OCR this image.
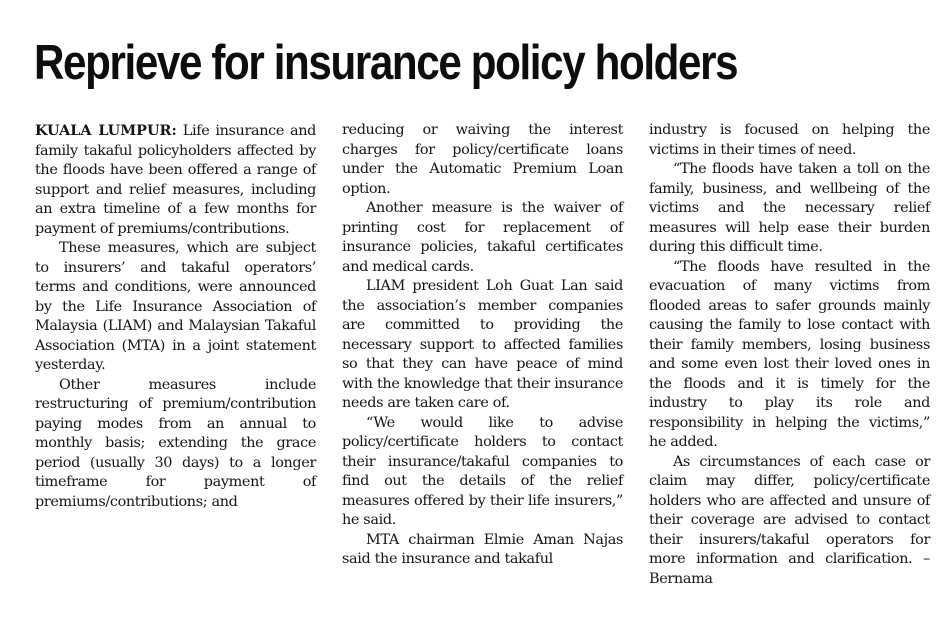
Reprieve for insurance policy holders

KUALA LUMPUR: Life insurance and family takaful policyholders affected by the floods have been offered a range of support and relief measures, including an extra timeline of a few months for payment of premiums/contributions.

These measures, which are subject to insurers’ and takaful operators’ terms and conditions, were announced by the Life Insurance Association of Malaysia (LIAM) and Malaysian Takaful Association (MTA) in a joint statement yesterday.

Other measures include restructuring of premium/contribution paying modes from an annual to monthly basis; extending the grace period (usually 30 days) to a longer timeframe for payment of premiums/contributions; and

reducing or waiving the interest charges for policy/certificate loans under the Automatic Premium Loan option.

Another measure is the waiver of printing cost for replacement of insurance policies, takaful certificates and medical cards.

LIAM president Loh Guat Lan said the association’s member companies are committed to providing the necessary support to affected families so that they can have peace of mind with the knowledge that their insurance needs are taken care of.

“We would like to advise policy/certificate holders to contact their insurance/takaful companies to find out the details of the relief measures offered by their life insurers,” he said.

MTA chairman Elmie Aman Najas said the insurance and takaful

industry is focused on helping the victims in their times of need.

“The floods have taken a toll on the family, business, and wellbeing of the victims and the necessary relief measures will help ease their burden during this difficult time.

“The floods have resulted in the evacuation of many victims from flooded areas to safer grounds mainly causing the family to lose contact with their family members, losing business and some even lost their loved ones in the floods and it is timely for the industry to play its role and responsibility in helping the victims,” he added.

As circumstances of each case or claim may differ, policy/certificate holders who are affected and unsure of their coverage are advised to contact their insurers/takaful operators for more information and clarification. – Bernama
